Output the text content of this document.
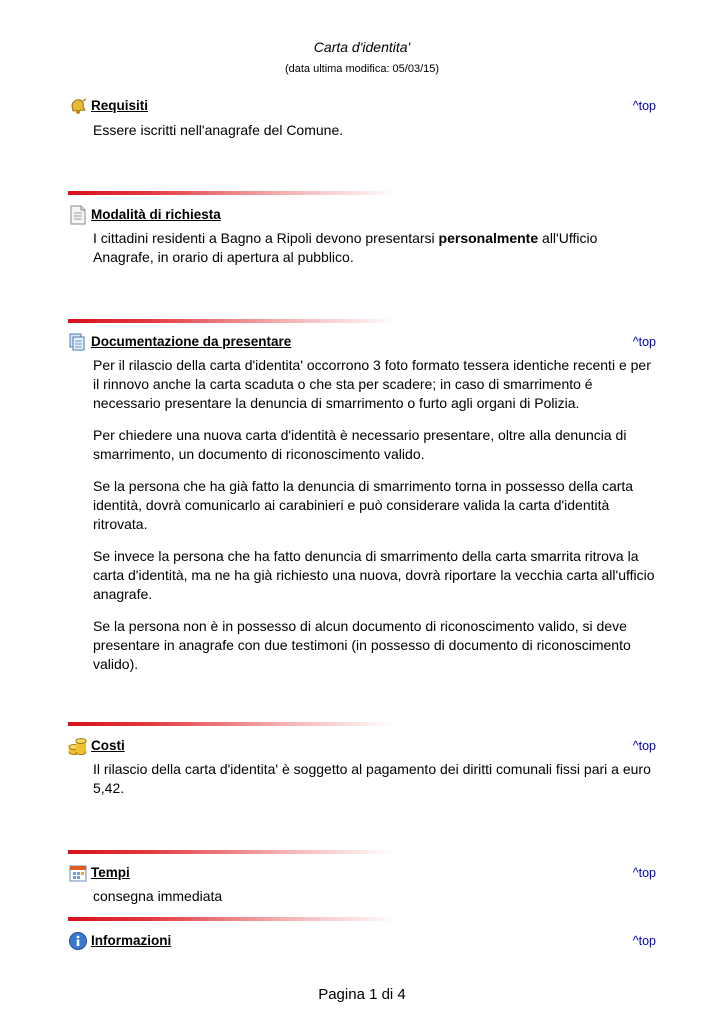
Carta d'identita'
(data ultima modifica: 05/03/15)
Requisiti	^top

Essere iscritti nell'anagrafe del Comune.

Modalità di richiesta

I cittadini residenti a Bagno a Ripoli devono presentarsi personalmente all'Ufficio Anagrafe, in orario di apertura al pubblico.

Documentazione da presentare	^top

Per il rilascio della carta d'identita' occorrono 3 foto formato tessera identiche recenti e per il rinnovo anche la carta scaduta o che sta per scadere; in caso di smarrimento é necessario presentare la denuncia di smarrimento o furto agli organi di Polizia.

Per chiedere una nuova carta d'identità è necessario presentare, oltre alla denuncia di smarrimento, un documento di riconoscimento valido.

Se la persona che ha già fatto la denuncia di smarrimento torna in possesso della carta identità, dovrà comunicarlo ai carabinieri e può considerare valida la carta d'identità ritrovata.

Se invece la persona che ha fatto denuncia di smarrimento della carta smarrita ritrova la carta d'identità, ma ne ha già richiesto una nuova, dovrà riportare la vecchia carta all'ufficio anagrafe.

Se la persona non è in possesso di alcun documento di riconoscimento valido, si deve presentare in anagrafe con due testimoni (in possesso di documento di riconoscimento valido).

Costi	^top

Il rilascio della carta d'identita' è soggetto al pagamento dei diritti comunali fissi pari a euro 5,42.

Tempi	^top

consegna immediata

Informazioni	^top
Pagina 1 di 4
